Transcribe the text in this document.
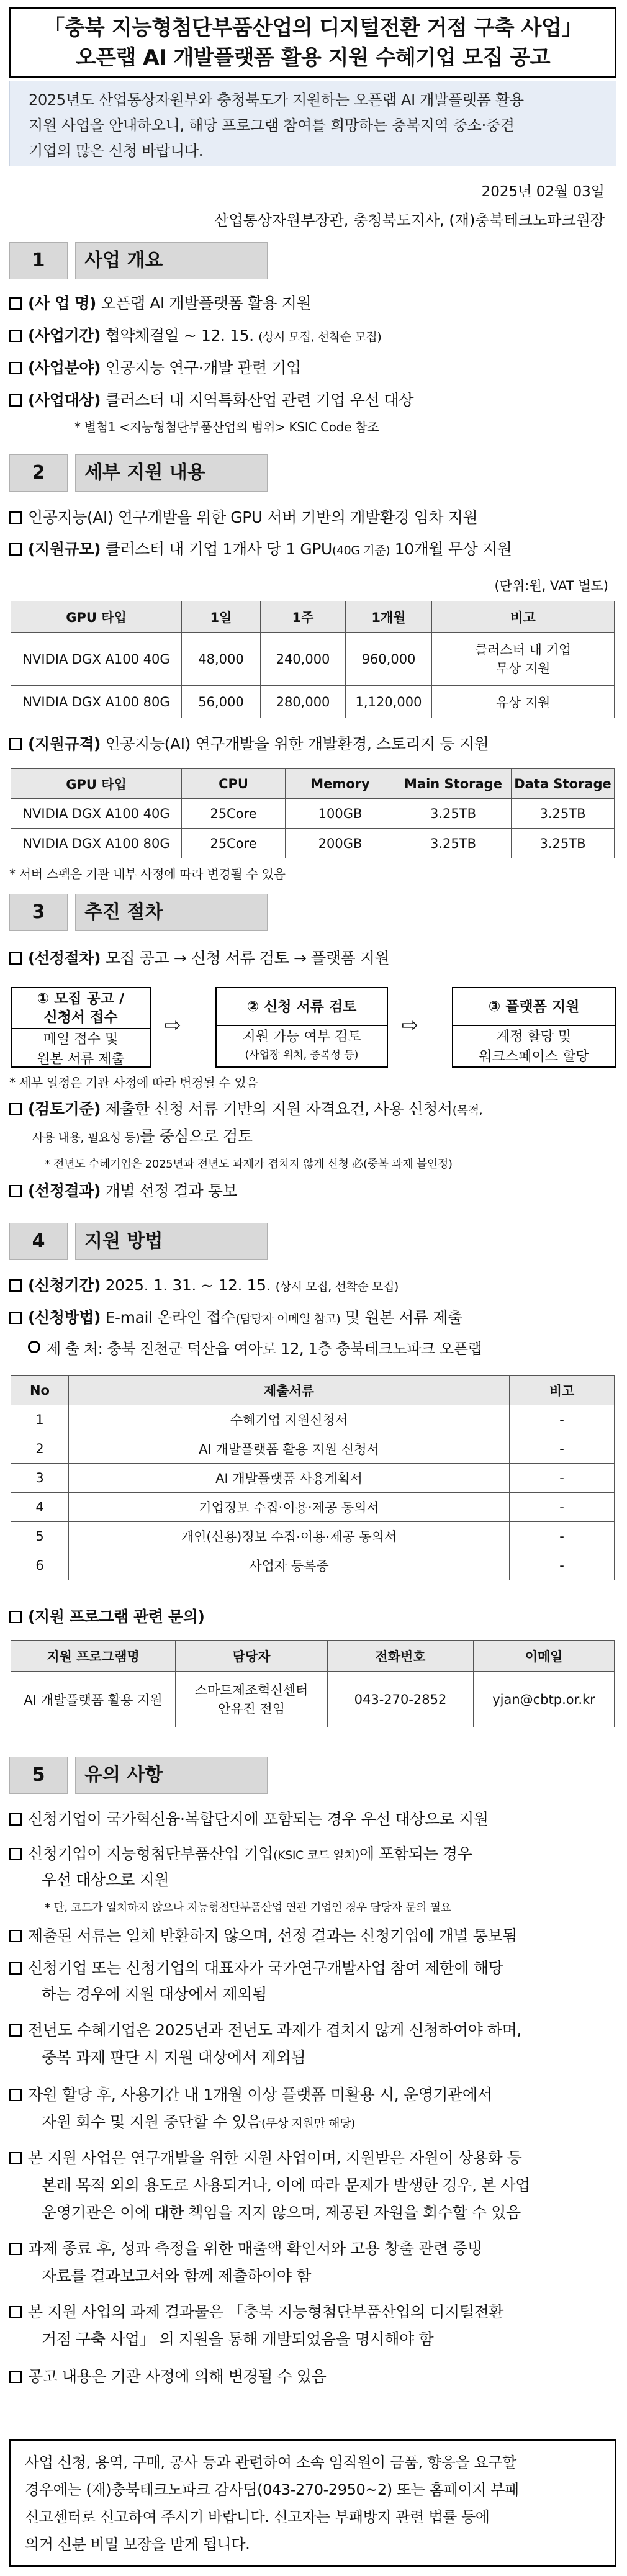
「충북 지능형첨단부품산업의 디지털전환 거점 구축 사업」
오픈랩 AI 개발플랫폼 활용 지원 수혜기업 모집 공고
2025년도 산업통상자원부와 충청북도가 지원하는 오픈랩 AI 개발플랫폼 활용
지원 사업을 안내하오니, 해당 프로그램 참여를 희망하는 충북지역 중소·중견
기업의 많은 신청 바랍니다.
2025년 02월 03일
산업통상자원부장관, 충청북도지사, (재)충북테크노파크원장
1	사업 개요
(사 업 명) 오픈랩 AI 개발플랫폼 활용 지원
(사업기간) 협약체결일 ~ 12. 15. (상시 모집, 선착순 모집)
(사업분야) 인공지능 연구·개발 관련 기업
(사업대상) 클러스터 내 지역특화산업 관련 기업 우선 대상
* 별첨1 <지능형첨단부품산업의 범위> KSIC Code 참조
2	세부 지원 내용
인공지능(AI) 연구개발을 위한 GPU 서버 기반의 개발환경 임차 지원
(지원규모) 클러스터 내 기업 1개사 당 1 GPU(40G 기준) 10개월 무상 지원
(단위:원, VAT 별도)
GPU 타입	1일	1주	1개월	비고
NVIDIA DGX A100 40G	48,000	240,000	960,000	클러스터 내 기업
무상 지원

NVIDIA DGX A100 80G	56,000	280,000	1,120,000	유상 지원
(지원규격) 인공지능(AI) 연구개발을 위한 개발환경, 스토리지 등 지원
GPU 타입	CPU	Memory	Main Storage	Data Storage
NVIDIA DGX A100 40G	25Core	100GB	3.25TB	3.25TB
NVIDIA DGX A100 80G	25Core	200GB	3.25TB	3.25TB
* 서버 스펙은 기관 내부 사정에 따라 변경될 수 있음
3	추진 절차
(선정절차) 모집 공고 → 신청 서류 검토 → 플랫폼 지원
① 모집 공고 /
신청서 접수
메일 접수 및
원본 서류 제출
⇨
② 신청 서류 검토
지원 가능 여부 검토
(사업장 위치, 중복성 등)
⇨
③ 플랫폼 지원
계정 할당 및
워크스페이스 할당
* 세부 일정은 기관 사정에 따라 변경될 수 있음
(검토기준) 제출한 신청 서류 기반의 지원 자격요건, 사용 신청서(목적,
사용 내용, 필요성 등)를 중심으로 검토
* 전년도 수혜기업은 2025년과 전년도 과제가 겹치지 않게 신청 必(중복 과제 불인정)
(선정결과) 개별 선정 결과 통보
4	지원 방법
(신청기간) 2025. 1. 31. ~ 12. 15. (상시 모집, 선착순 모집)
(신청방법) E-mail 온라인 접수(담당자 이메일 참고) 및 원본 서류 제출
제 출 처: 충북 진천군 덕산읍 여아로 12, 1층 충북테크노파크 오픈랩
No	제출서류	비고
1	수혜기업 지원신청서	-
2	AI 개발플랫폼 활용 지원 신청서	-
3	AI 개발플랫폼 사용계획서	-
4	기업정보 수집·이용·제공 동의서	-
5	개인(신용)정보 수집·이용·제공 동의서	-
6	사업자 등록증	-
(지원 프로그램 관련 문의)
지원 프로그램명	담당자	전화번호	이메일
AI 개발플랫폼 활용 지원	스마트제조혁신센터
안유진 전임	043-270-2852	yjan@cbtp.or.kr
5	유의 사항
신청기업이 국가혁신융·복합단지에 포함되는 경우 우선 대상으로 지원
신청기업이 지능형첨단부품산업 기업(KSIC 코드 일치)에 포함되는 경우
우선 대상으로 지원
* 단, 코드가 일치하지 않으나 지능형첨단부품산업 연관 기업인 경우 담당자 문의 필요
제출된 서류는 일체 반환하지 않으며, 선정 결과는 신청기업에 개별 통보됨
신청기업 또는 신청기업의 대표자가 국가연구개발사업 참여 제한에 해당
하는 경우에 지원 대상에서 제외됨
전년도 수혜기업은 2025년과 전년도 과제가 겹치지 않게 신청하여야 하며,
중복 과제 판단 시 지원 대상에서 제외됨
자원 할당 후, 사용기간 내 1개월 이상 플랫폼 미활용 시, 운영기관에서
자원 회수 및 지원 중단할 수 있음(무상 지원만 해당)
본 지원 사업은 연구개발을 위한 지원 사업이며, 지원받은 자원이 상용화 등
본래 목적 외의 용도로 사용되거나, 이에 따라 문제가 발생한 경우, 본 사업
운영기관은 이에 대한 책임을 지지 않으며, 제공된 자원을 회수할 수 있음
과제 종료 후, 성과 측정을 위한 매출액 확인서와 고용 창출 관련 증빙
자료를 결과보고서와 함께 제출하여야 함
본 지원 사업의 과제 결과물은 「충북 지능형첨단부품산업의 디지털전환
거점 구축 사업」 의 지원을 통해 개발되었음을 명시해야 함
공고 내용은 기관 사정에 의해 변경될 수 있음
사업 신청, 용역, 구매, 공사 등과 관련하여 소속 임직원이 금품, 향응을 요구할
경우에는 (재)충북테크노파크 감사팀(043-270-2950~2) 또는 홈페이지 부패
신고센터로 신고하여 주시기 바랍니다. 신고자는 부패방지 관련 법률 등에
의거 신분 비밀 보장을 받게 됩니다.
